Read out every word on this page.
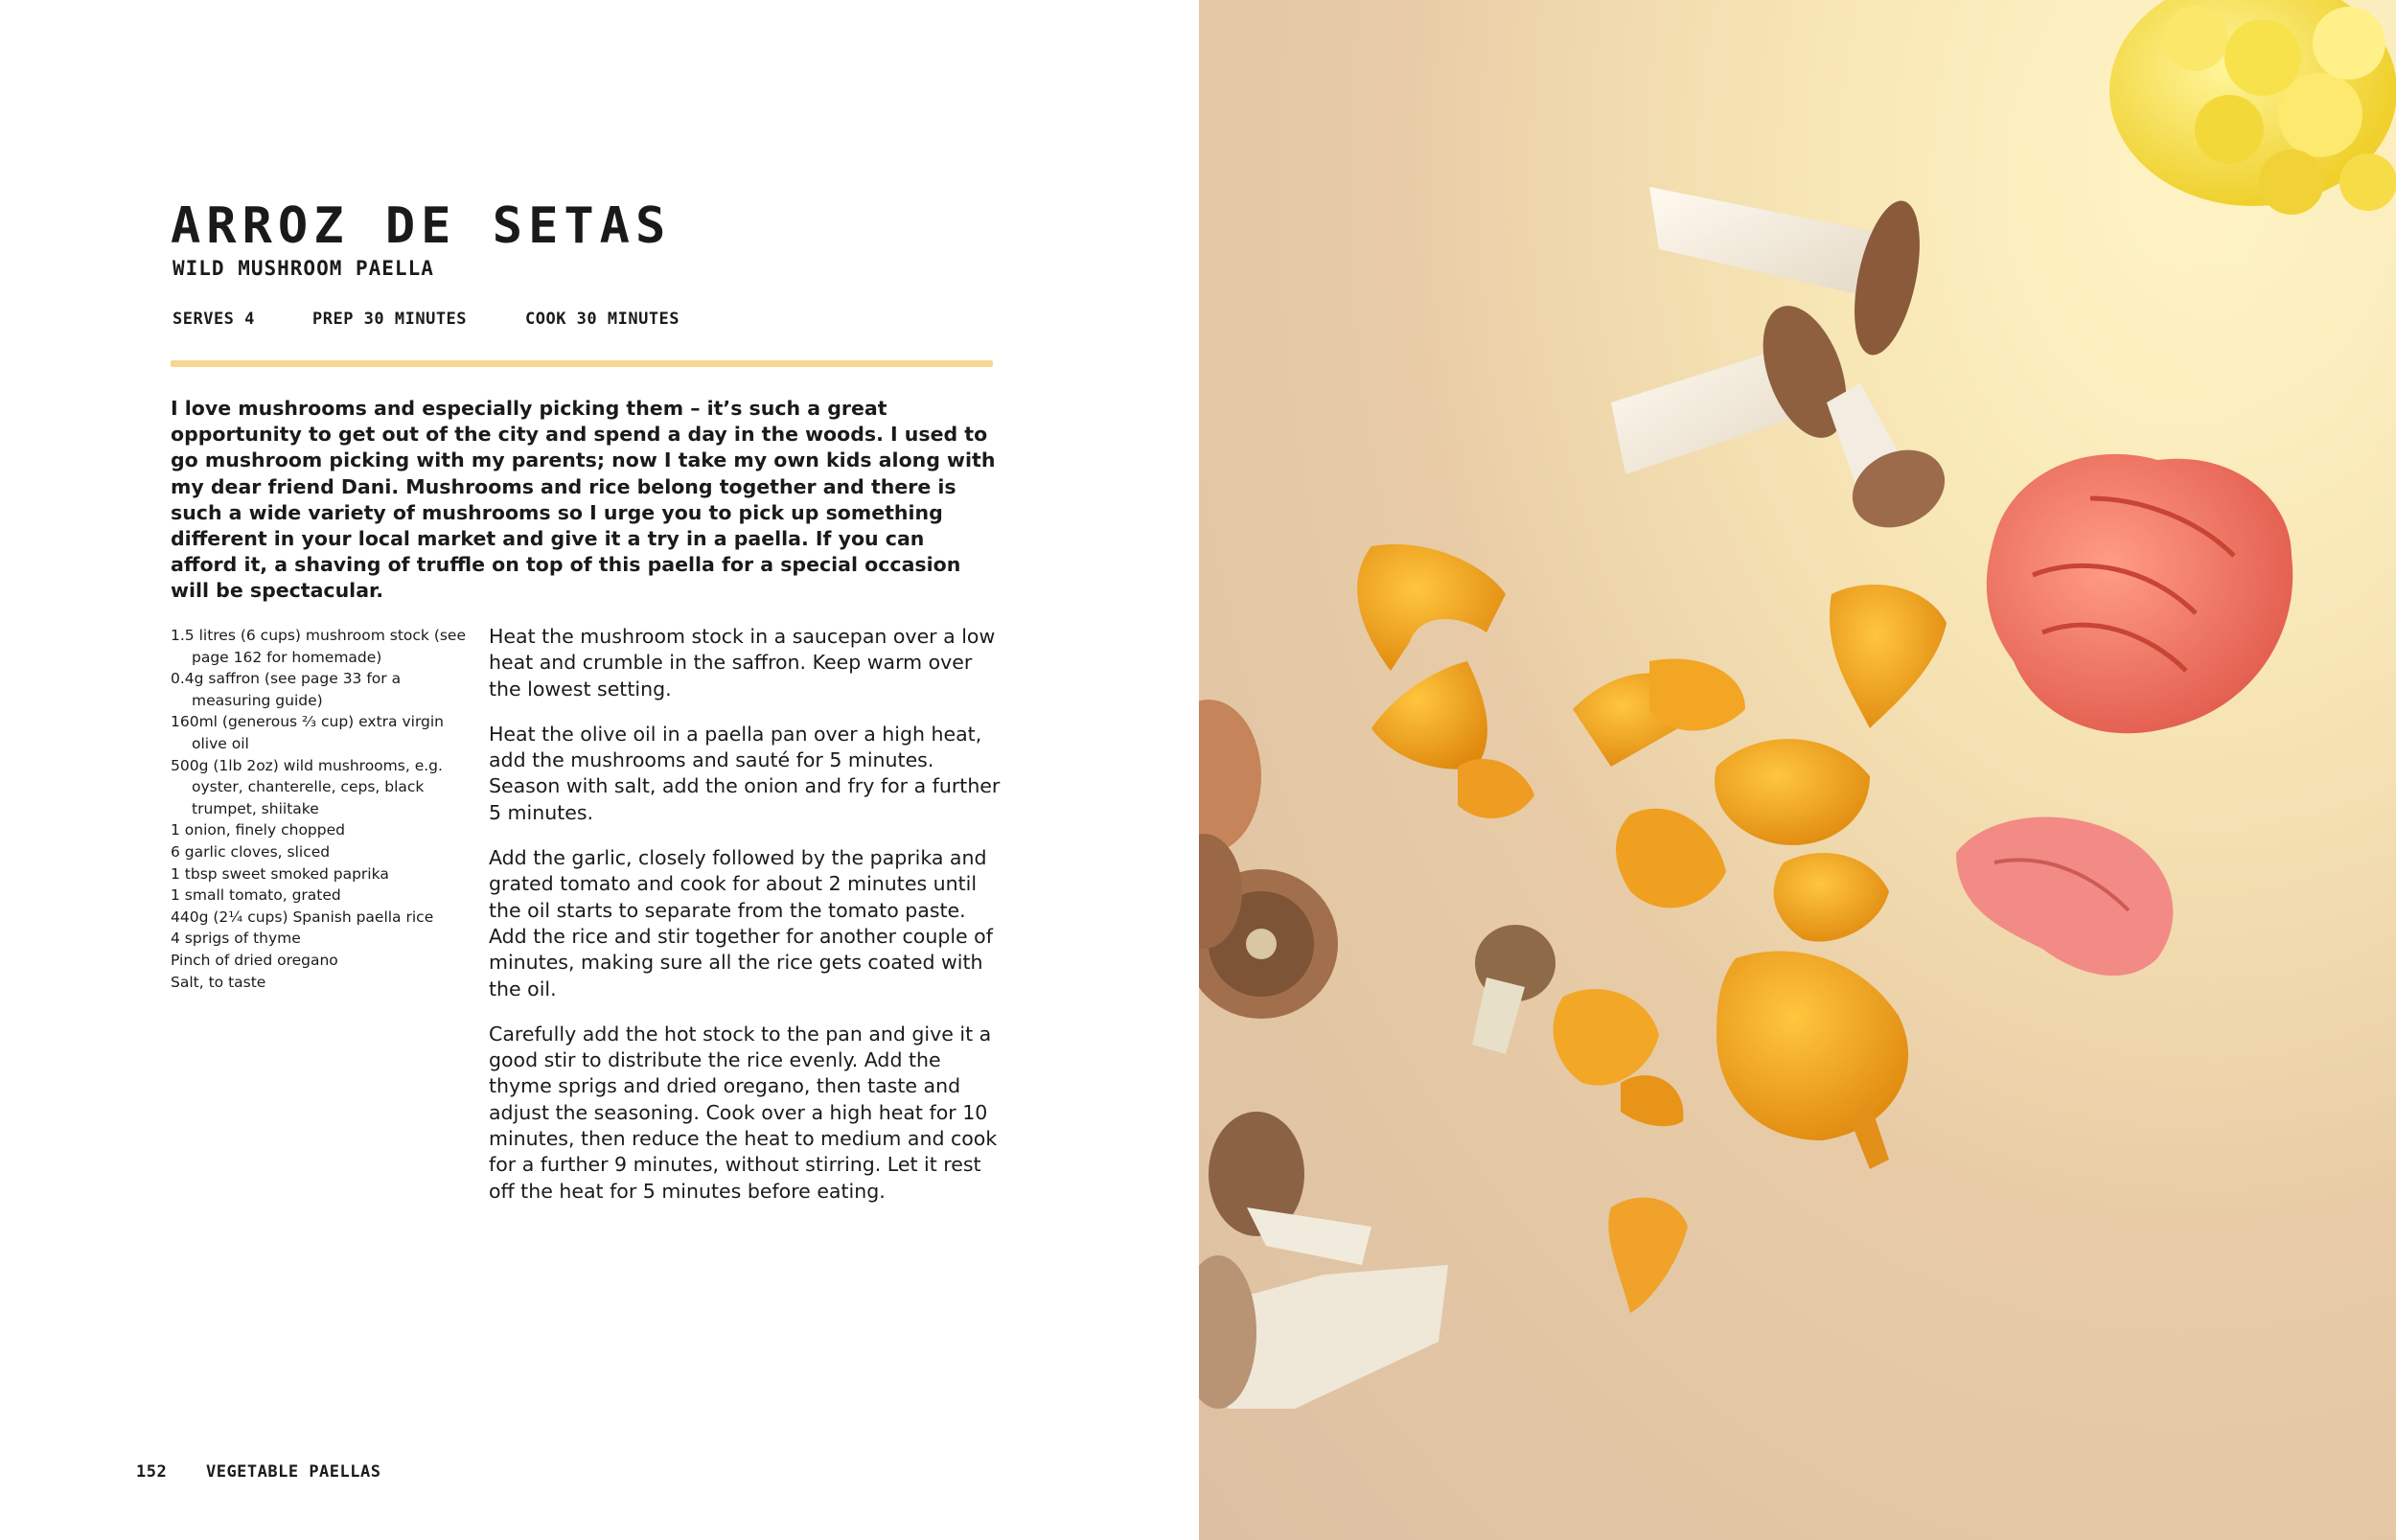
ARROZ DE SETAS
WILD MUSHROOM PAELLA
SERVES 4	PREP 30 MINUTES	COOK 30 MINUTES

I love mushrooms and especially picking them – it’s such a great opportunity to get out of the city and spend a day in the woods. I used to go mushroom picking with my parents; now I take my own kids along with my dear friend Dani. Mushrooms and rice belong together and there is such a wide variety of mushrooms so I urge you to pick up something different in your local market and give it a try in a paella. If you can afford it, a shaving of truffle on top of this paella for a special occasion will be spectacular.

1.5 litres (6 cups) mushroom stock (see page 162 for homemade)
0.4g saffron (see page 33 for a measuring guide)
160ml (generous ⅔ cup) extra virgin olive oil
500g (1lb 2oz) wild mushrooms, e.g. oyster, chanterelle, ceps, black trumpet, shiitake
1 onion, finely chopped
6 garlic cloves, sliced
1 tbsp sweet smoked paprika
1 small tomato, grated
440g (2¼ cups) Spanish paella rice
4 sprigs of thyme
Pinch of dried oregano
Salt, to taste

Heat the mushroom stock in a saucepan over a low heat and crumble in the saffron. Keep warm over the lowest setting.

Heat the olive oil in a paella pan over a high heat, add the mushrooms and sauté for 5 minutes. Season with salt, add the onion and fry for a further 5 minutes.

Add the garlic, closely followed by the paprika and grated tomato and cook for about 2 minutes until the oil starts to separate from the tomato paste. Add the rice and stir together for another couple of minutes, making sure all the rice gets coated with the oil.

Carefully add the hot stock to the pan and give it a good stir to distribute the rice evenly. Add the thyme sprigs and dried oregano, then taste and adjust the seasoning. Cook over a high heat for 10 minutes, then reduce the heat to medium and cook for a further 9 minutes, without stirring. Let it rest off the heat for 5 minutes before eating.

152 VEGETABLE PAELLAS
